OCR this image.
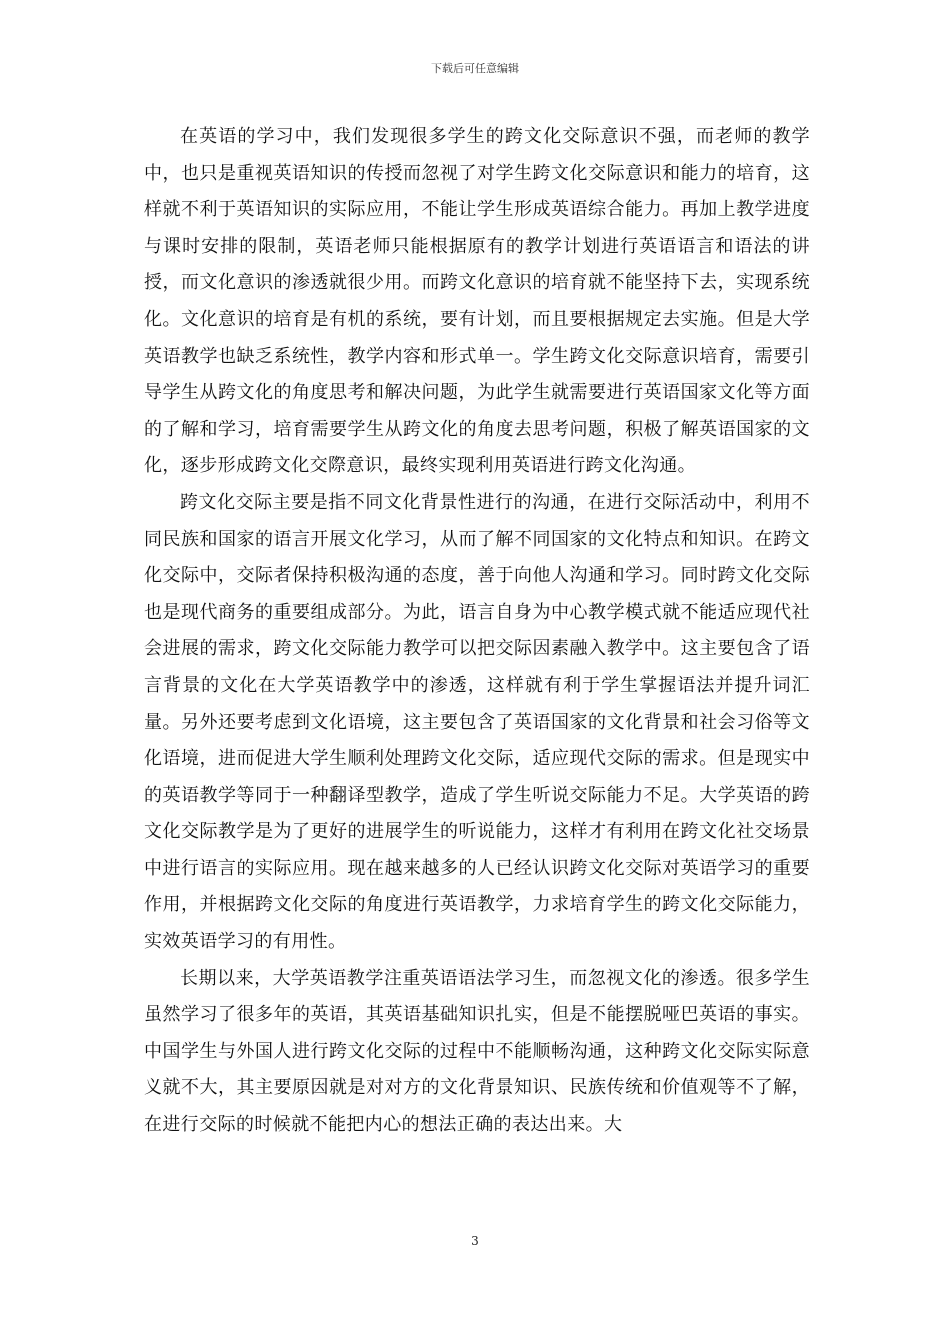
下载后可任意编辑

在英语的学习中，我们发现很多学生的跨文化交际意识不强，而老师的教学中，也只是重视英语知识的传授而忽视了对学生跨文化交际意识和能力的培育，这样就不利于英语知识的实际应用，不能让学生形成英语综合能力。再加上教学进度与课时安排的限制，英语老师只能根据原有的教学计划进行英语语言和语法的讲授，而文化意识的渗透就很少用。而跨文化意识的培育就不能坚持下去，实现系统化。文化意识的培育是有机的系统，要有计划，而且要根据规定去实施。但是大学英语教学也缺乏系统性，教学内容和形式单一。学生跨文化交际意识培育，需要引导学生从跨文化的角度思考和解决问题，为此学生就需要进行英语国家文化等方面的了解和学习，培育需要学生从跨文化的角度去思考问题，积极了解英语国家的文化，逐步形成跨文化交際意识，最终实现利用英语进行跨文化沟通。

跨文化交际主要是指不同文化背景性进行的沟通，在进行交际活动中，利用不同民族和国家的语言开展文化学习，从而了解不同国家的文化特点和知识。在跨文化交际中，交际者保持积极沟通的态度，善于向他人沟通和学习。同时跨文化交际也是现代商务的重要组成部分。为此，语言自身为中心教学模式就不能适应现代社会进展的需求，跨文化交际能力教学可以把交际因素融入教学中。这主要包含了语言背景的文化在大学英语教学中的渗透，这样就有利于学生掌握语法并提升词汇量。另外还要考虑到文化语境，这主要包含了英语国家的文化背景和社会习俗等文化语境，进而促进大学生顺利处理跨文化交际，适应现代交际的需求。但是现实中的英语教学等同于一种翻译型教学，造成了学生听说交际能力不足。大学英语的跨文化交际教学是为了更好的进展学生的听说能力，这样才有利用在跨文化社交场景中进行语言的实际应用。现在越来越多的人已经认识跨文化交际对英语学习的重要作用，并根据跨文化交际的角度进行英语教学，力求培育学生的跨文化交际能力，实效英语学习的有用性。

长期以来，大学英语教学注重英语语法学习生，而忽视文化的渗透。很多学生虽然学习了很多年的英语，其英语基础知识扎实，但是不能摆脱哑巴英语的事实。中国学生与外国人进行跨文化交际的过程中不能顺畅沟通，这种跨文化交际实际意义就不大，其主要原因就是对对方的文化背景知识、民族传统和价值观等不了解，在进行交际的时候就不能把内心的想法正确的表达出来。大

3
